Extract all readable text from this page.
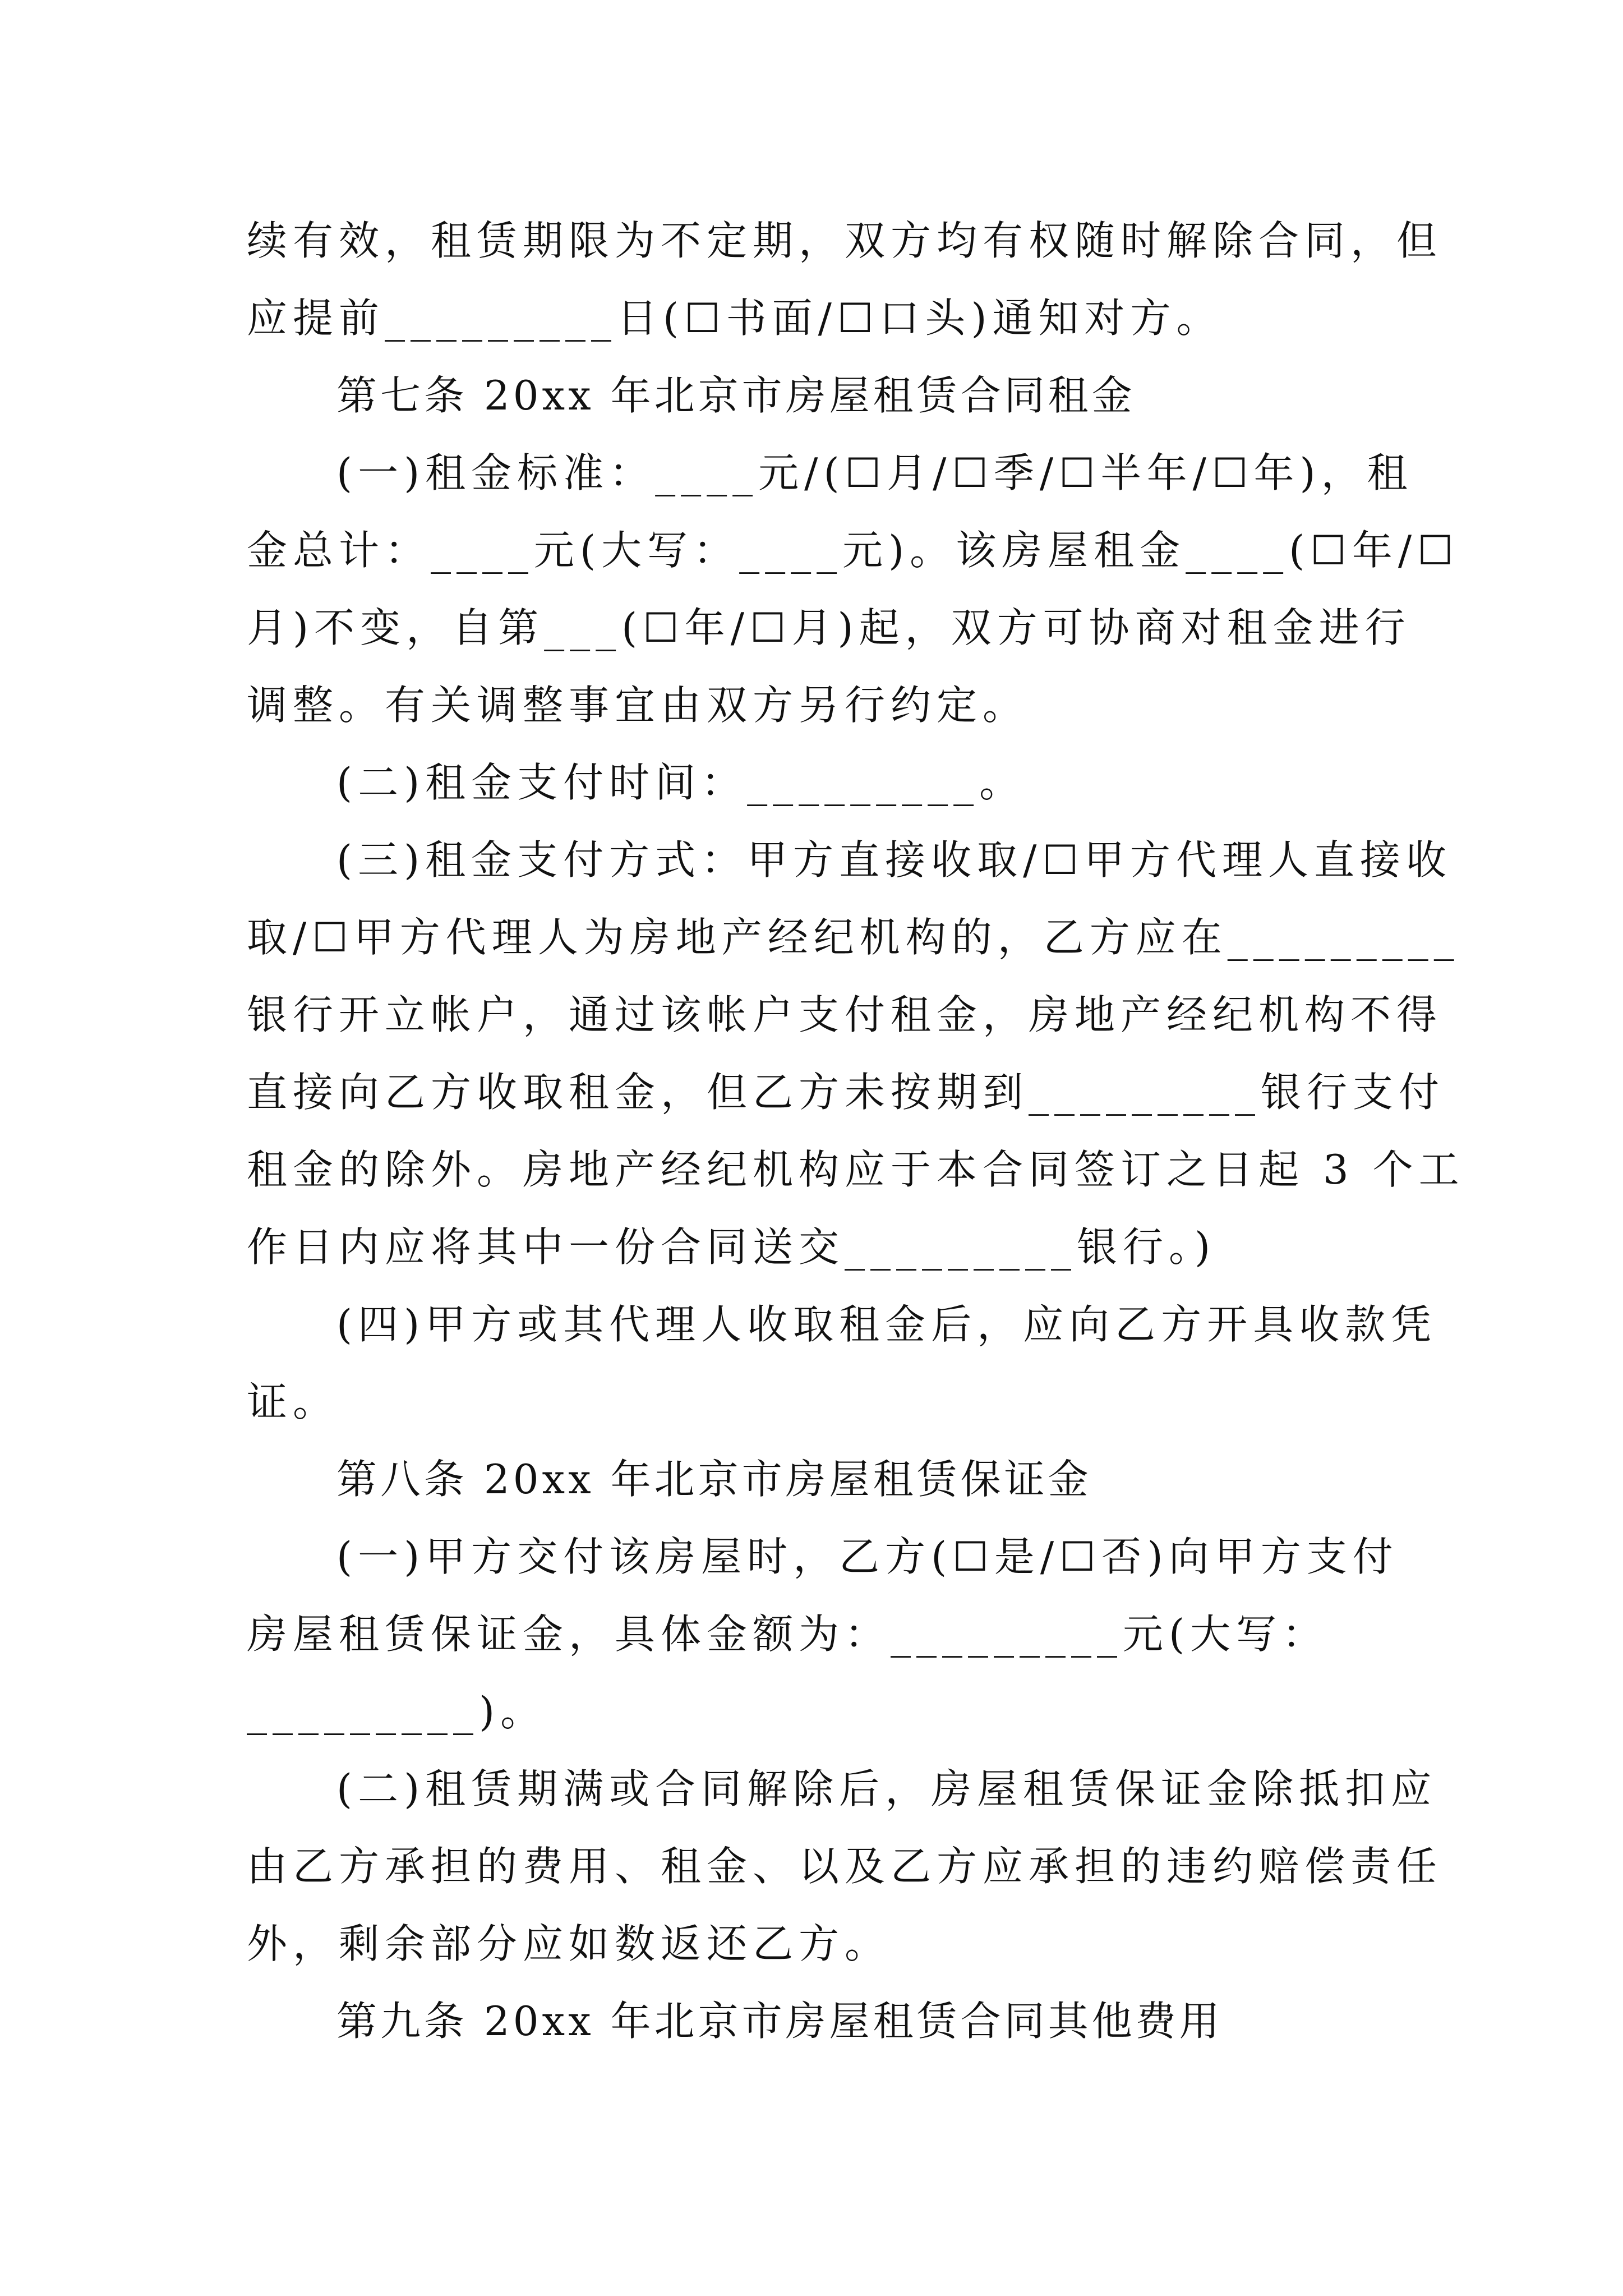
续有效，租赁期限为不定期，双方均有权随时解除合同，但
应提前_________日(☐书面/☐口头)通知对方。
第七条 20xx 年北京市房屋租赁合同租金
(一)租金标准：____元/(☐月/☐季/☐半年/☐年)，租
金总计：____元(大写：____元)。该房屋租金____(☐年/☐
月)不变，自第___(☐年/☐月)起，双方可协商对租金进行
调整。有关调整事宜由双方另行约定。
(二)租金支付时间：_________。
(三)租金支付方式：甲方直接收取/☐甲方代理人直接收
取/☐甲方代理人为房地产经纪机构的，乙方应在_________
银行开立帐户，通过该帐户支付租金，房地产经纪机构不得
直接向乙方收取租金，但乙方未按期到_________银行支付
租金的除外。房地产经纪机构应于本合同签订之日起 3 个工
作日内应将其中一份合同送交_________银行。)
(四)甲方或其代理人收取租金后，应向乙方开具收款凭
证。
第八条 20xx 年北京市房屋租赁保证金
(一)甲方交付该房屋时，乙方(☐是/☐否)向甲方支付
房屋租赁保证金，具体金额为：_________元(大写：
_________)。
(二)租赁期满或合同解除后，房屋租赁保证金除抵扣应
由乙方承担的费用、租金、以及乙方应承担的违约赔偿责任
外，剩余部分应如数返还乙方。
第九条 20xx 年北京市房屋租赁合同其他费用
